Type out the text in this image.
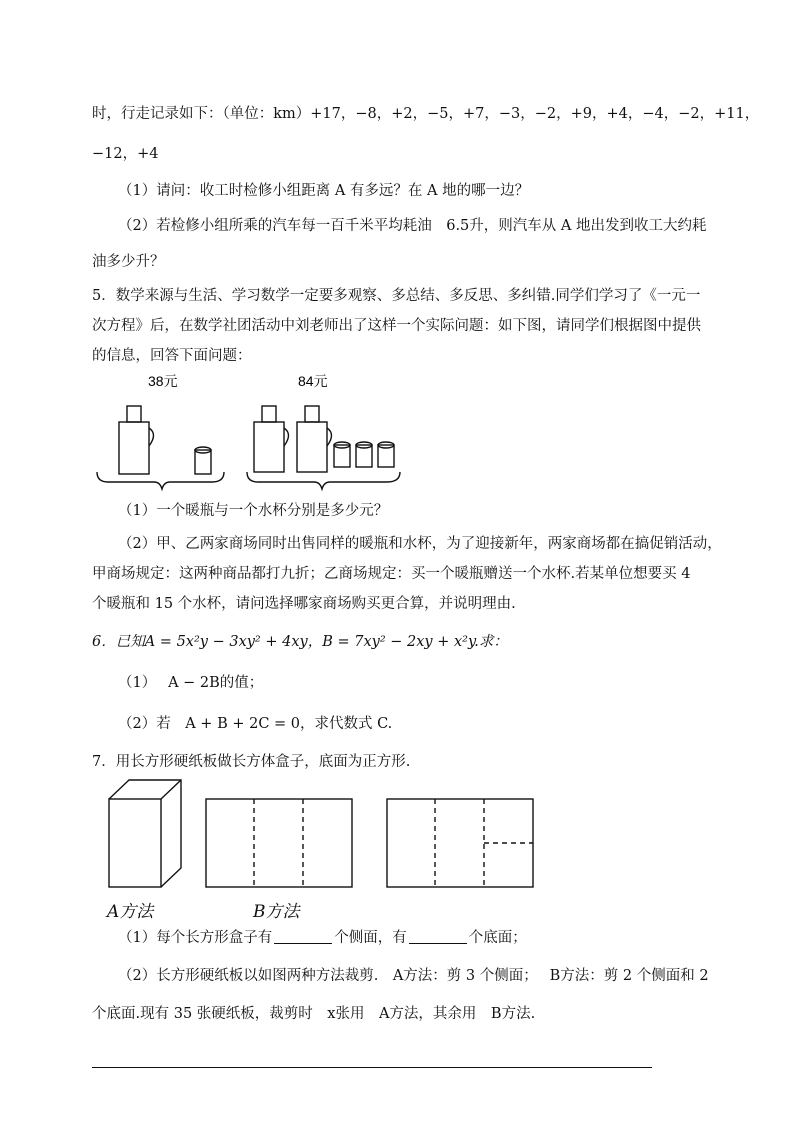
时，行走记录如下：（单位：km）+17，−8，+2，−5，+7，−3，−2，+9，+4，−4，−2，+11，
−12，+4
（1）请问：收工时检修小组距离 A 有多远？在 A 地的哪一边？
（2）若检修小组所乘的汽车每一百千米平均耗油　6.5升，则汽车从 A 地出发到收工大约耗
油多少升？
5．数学来源与生活、学习数学一定要多观察、多总结、多反思、多纠错.同学们学习了《一元一
次方程》后，在数学社团活动中刘老师出了这样一个实际问题：如下图，请同学们根据图中提供
的信息，回答下面问题：
38元	84元
（1）一个暖瓶与一个水杯分别是多少元？
（2）甲、乙两家商场同时出售同样的暖瓶和水杯，为了迎接新年，两家商场都在搞促销活动，
甲商场规定：这两种商品都打九折；乙商场规定：买一个暖瓶赠送一个水杯.若某单位想要买 4
个暖瓶和 15 个水杯，请问选择哪家商场购买更合算，并说明理由.
6．已知A = 5x²y − 3xy² + 4xy，B = 7xy² − 2xy + x²y.求：
（1）　 A − 2B的值；
（2）若　A + B + 2C = 0，求代数式 C.
7．用长方形硬纸板做长方体盒子，底面为正方形.
A方法	B方法
（1）每个长方形盒子有	个侧面，有	个底面；
（2）长方形硬纸板以如图两种方法裁剪.　A方法：剪 3 个侧面；　 B方法：剪 2 个侧面和 2
个底面.现有 35 张硬纸板，裁剪时　x张用　A方法，其余用　B方法.
